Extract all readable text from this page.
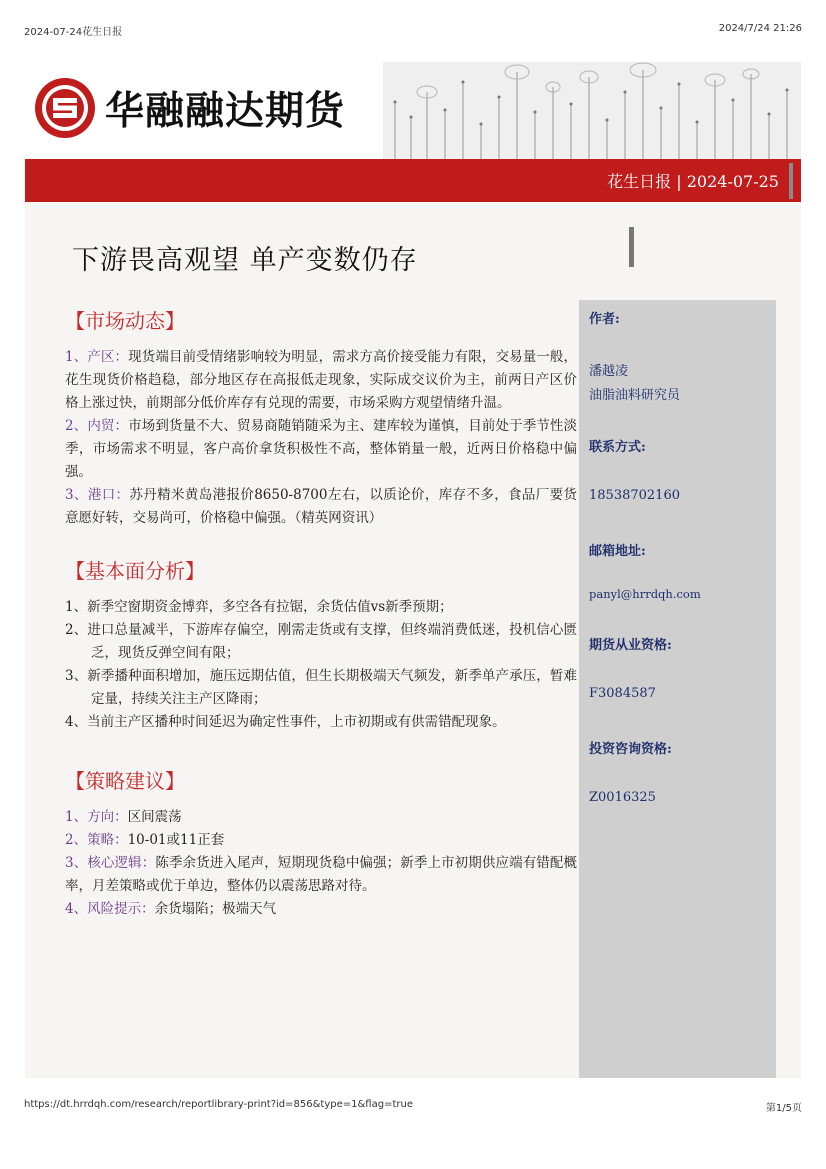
2024-07-24花生日报	2024/7/24 21:26
华融融达期货
花生日报 | 2024-07-25
下游畏高观望 单产变数仍存
【市场动态】
1、产区：现货端目前受情绪影响较为明显，需求方高价接受能力有限，交易量一般，花生现货价格趋稳，部分地区存在高报低走现象，实际成交议价为主，前两日产区价格上涨过快，前期部分低价库存有兑现的需要，市场采购方观望情绪升温。
2、内贸：市场到货量不大、贸易商随销随采为主、建库较为谨慎，目前处于季节性淡季，市场需求不明显，客户高价拿货积极性不高，整体销量一般，近两日价格稳中偏强。
3、港口：苏丹精米黄岛港报价8650-8700左右，以质论价，库存不多，食品厂要货意愿好转，交易尚可，价格稳中偏强。（精英网资讯）
【基本面分析】
1、新季空窗期资金博弈，多空各有拉锯，余货估值vs新季预期；
2、进口总量减半，下游库存偏空，刚需走货或有支撑，但终端消费低迷，投机信心匮乏，现货反弹空间有限；
3、新季播种面积增加，施压远期估值，但生长期极端天气频发，新季单产承压，暂难定量，持续关注主产区降雨；
4、当前主产区播种时间延迟为确定性事件，上市初期或有供需错配现象。
【策略建议】
1、方向：区间震荡
2、策略：10-01或11正套
3、核心逻辑：陈季余货进入尾声，短期现货稳中偏强；新季上市初期供应端有错配概率，月差策略或优于单边，整体仍以震荡思路对待。
4、风险提示：余货塌陷；极端天气
作者:
潘越凌
油脂油料研究员
联系方式:
18538702160
邮箱地址:
panyl@hrrdqh.com
期货从业资格:
F3084587
投资咨询资格:
Z0016325
https://dt.hrrdqh.com/research/reportlibrary-print?id=856&type=1&flag=true	第1/5页
